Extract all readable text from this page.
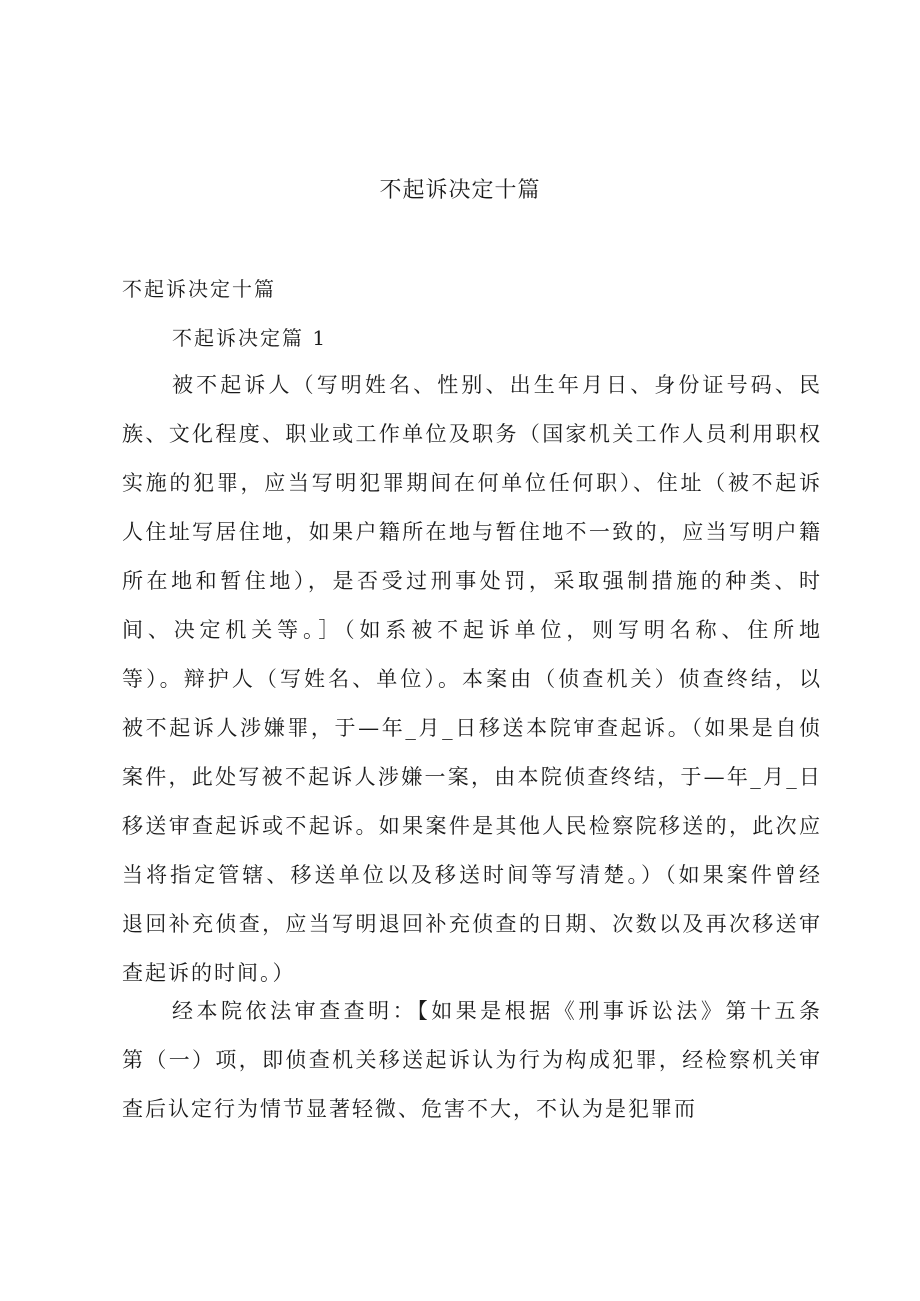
不起诉决定十篇
不起诉决定十篇
不起诉决定篇 1
被不起诉人（写明姓名、性别、出生年月日、身份证号码、民
族、文化程度、职业或工作单位及职务（国家机关工作人员利用职权
实施的犯罪，应当写明犯罪期间在何单位任何职）、住址（被不起诉
人住址写居住地，如果户籍所在地与暂住地不一致的，应当写明户籍
所在地和暂住地），是否受过刑事处罚，采取强制措施的种类、时
间、决定机关等。］（如系被不起诉单位，则写明名称、住所地
等）。辩护人（写姓名、单位）。本案由（侦查机关）侦查终结，以
被不起诉人涉嫌罪，于—年_月_日移送本院审查起诉。（如果是自侦
案件，此处写被不起诉人涉嫌一案，由本院侦查终结，于—年_月_日
移送审查起诉或不起诉。如果案件是其他人民检察院移送的，此次应
当将指定管辖、移送单位以及移送时间等写清楚。）（如果案件曾经
退回补充侦查，应当写明退回补充侦查的日期、次数以及再次移送审
查起诉的时间。）
经本院依法审查查明：【如果是根据《刑事诉讼法》第十五条
第（一）项，即侦查机关移送起诉认为行为构成犯罪，经检察机关审
查后认定行为情节显著轻微、危害不大，不认为是犯罪而
